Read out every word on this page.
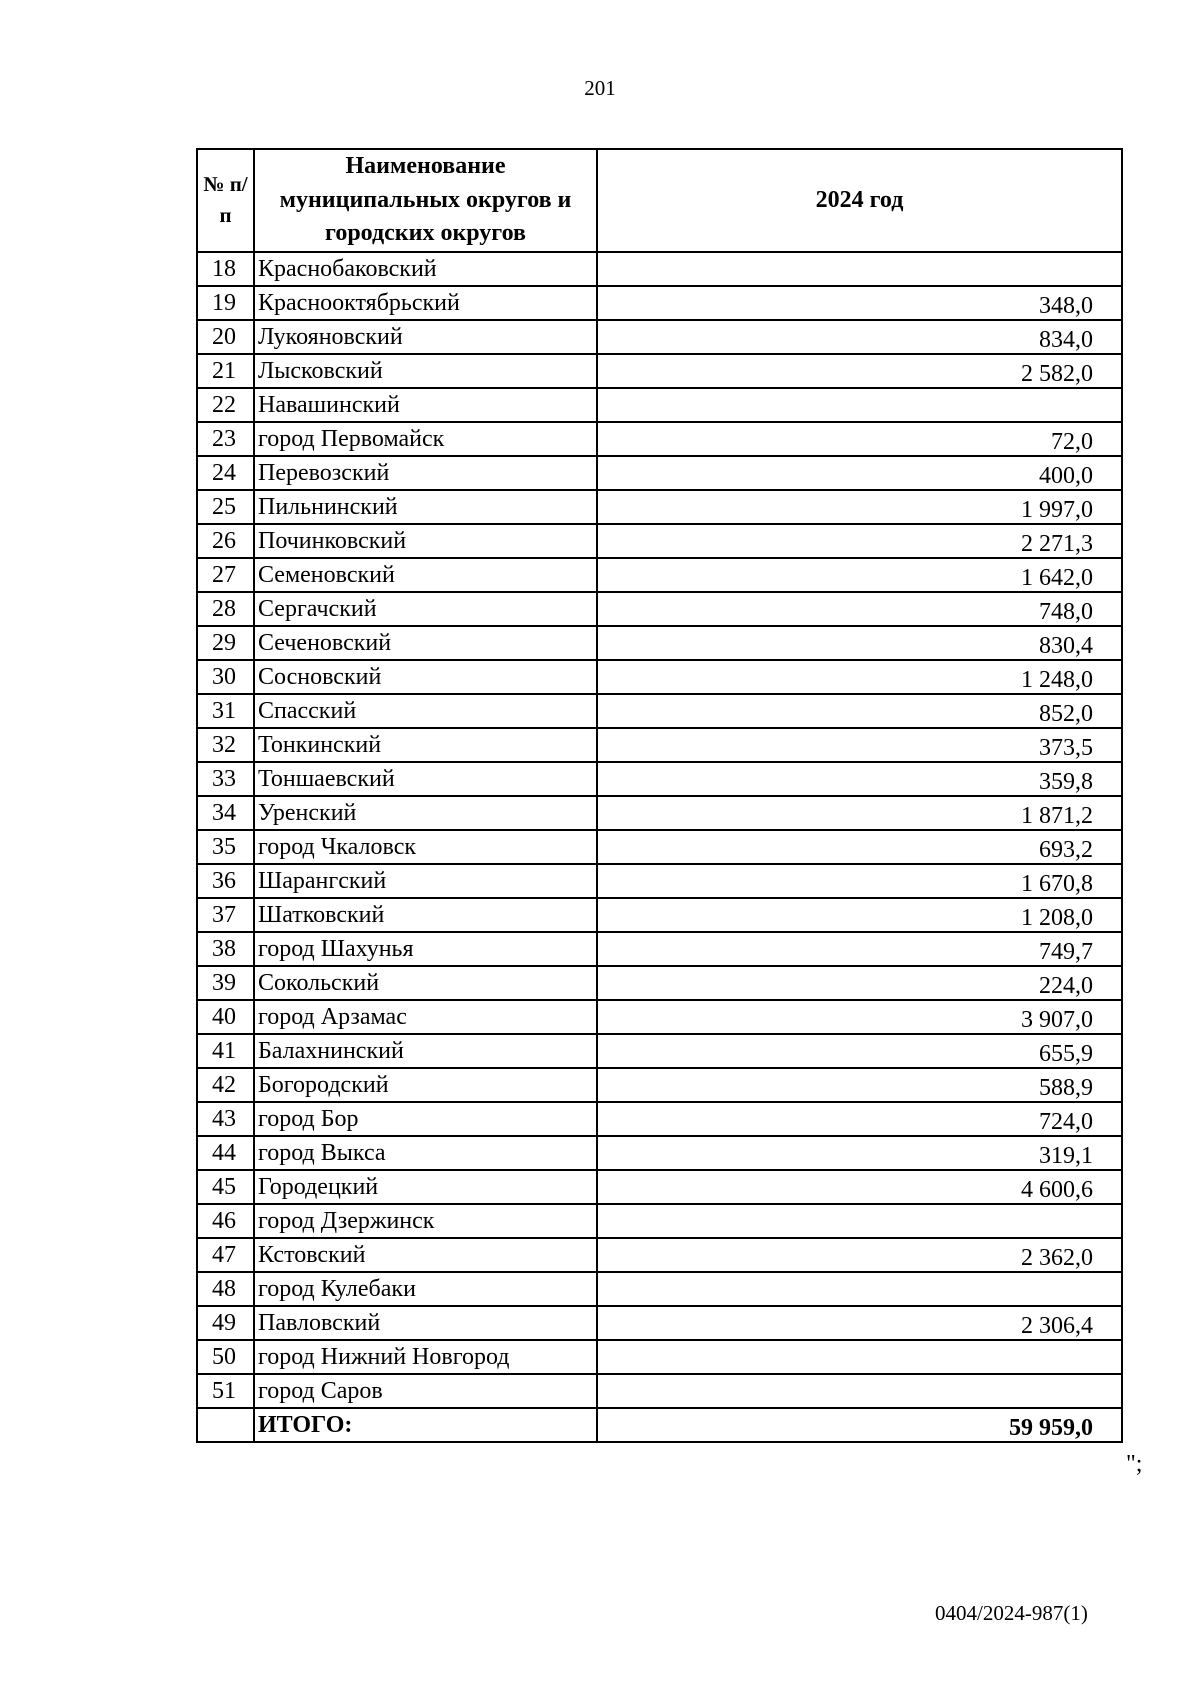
201
№ п/п	Наименование муниципальных округов и городских округов	2024 год
18	Краснобаковский	
19	Краснооктябрьский	348,0
20	Лукояновский	834,0
21	Лысковский	2 582,0
22	Навашинский	
23	город Первомайск	72,0
24	Перевозский	400,0
25	Пильнинский	1 997,0
26	Починковский	2 271,3
27	Семеновский	1 642,0
28	Сергачский	748,0
29	Сеченовский	830,4
30	Сосновский	1 248,0
31	Спасский	852,0
32	Тонкинский	373,5
33	Тоншаевский	359,8
34	Уренский	1 871,2
35	город Чкаловск	693,2
36	Шарангский	1 670,8
37	Шатковский	1 208,0
38	город Шахунья	749,7
39	Сокольский	224,0
40	город Арзамас	3 907,0
41	Балахнинский	655,9
42	Богородский	588,9
43	город Бор	724,0
44	город Выкса	319,1
45	Городецкий	4 600,6
46	город Дзержинск	
47	Кстовский	2 362,0
48	город Кулебаки	
49	Павловский	2 306,4
50	город Нижний Новгород	
51	город Саров	
	ИТОГО:	59 959,0
";
0404/2024-987(1)
